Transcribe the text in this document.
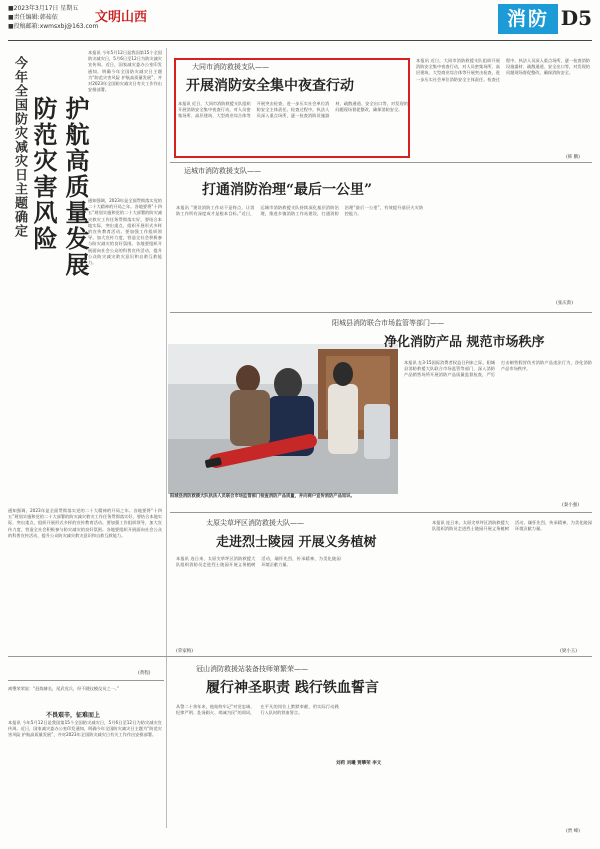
■2023年3月17日 星期五
■责任编辑:韩茹依
■投稿邮箱:xwmsxbj@163.com
文明山西	消防 D5
今年全国防灾减灾日主题确定 防范灾害风险 护航高质量发展
本报讯 今年5月12日是我国第15个全国防灾减灾日，5月6日至12日为防灾减灾宣传周。近日，国家减灾委办公室印发通知，明确今年全国防灾减灾日主题为“防范灾害风险 护航高质量发展”，并对2023年全国防灾减灾日有关工作作出安排部署。
通知强调，2023年是全面贯彻落实党的二十大精神的开局之年。各地要将“十四五”规划实施和党的二十大部署的防灾减灾救灾工作任务贯彻落实好，要结合本地实际，突出重点，组织开展形式多样的宣传教育活动。要加强工作组织领导，加大宣传力度，营造全社会积极参与防灾减灾的良好氛围。各地要组织开展面向社会公众的科普宣传活动，提升公众防灾减灾救灾意识和自救互救能力。
通知强调，2023年是全面贯彻落实党的二十大精神的开局之年。各地要将“十四五”规划实施和党的二十大部署的防灾减灾救灾工作任务贯彻落实好，要结合本地实际，突出重点，组织开展形式多样的宣传教育活动。要加强工作组织领导，加大宣传力度，营造全社会积极参与防灾减灾的良好氛围。各地要组织开展面向社会公众的科普宣传活动，提升公众防灾减灾救灾意识和自救互救能力。
(黄程)
离塑荣荣说：“赶练赫长，尾武党兵，经不随仪模仪员之一。”
不畏艰辛，征难而上
本报讯 今年5月12日是我国第15个全国防灾减灾日，5月6日至12日为防灾减灾宣传周。近日，国家减灾委办公室印发通知，明确今年全国防灾减灾日主题为“防范灾害风险 护航高质量发展”，并对2023年全国防灾减灾日有关工作作出安排部署。
大同市消防救援支队——
开展消防安全集中夜查行动
本报讯 近日，大同市消防救援支队组织开展消防安全集中夜查行动，对人员密集场所、高层建筑、大型商业综合体等开展突击检查，进一步压实社会单位消防安全主体责任。检查过程中，执法人员深入重点场所，逐一检查消防设施器材、疏散通道、安全出口等，对发现的问题现场督促整改，确保消防安全。
本报讯 近日，大同市消防救援支队组织开展消防安全集中夜查行动，对人员密集场所、高层建筑、大型商业综合体等开展突击检查，进一步压实社会单位消防安全主体责任。检查过程中，执法人员深入重点场所，逐一检查消防设施器材、疏散通道、安全出口等，对发现的问题现场督促整改，确保消防安全。
(韩 鹏)
运城市消防救援支队——
打通消防治理“最后一公里”
本报讯 “建设消防工作站不是终点，让消防工作所有深度成才是根本目标。”近日，运城市消防救援支队持续深化基层消防治理，推进乡镇消防工作站建设，打通消防治理“最后一公里”，有效提升基层火灾防控能力。
(张庆新)
阳城县消防救援大队执法人员联合市场监管部门检查消防产品质量，并向商户宣传消防产品知识。
阳城县消防联合市场监管等部门——
净化消防产品 规范市场秩序
本报讯 在3·15国际消费者权益日到来之际，阳城县消防救援大队联合市场监管等部门，深入消防产品销售场所开展消防产品质量监督检查，严厉打击制售假冒伪劣消防产品违法行为，净化消防产品市场秩序。
(秦小强)
太原尖草坪区消防救援大队——
走进烈士陵园 开展义务植树
本报讯 连日来，太原尖草坪区消防救援大队组织消防员走进烈士陵园开展义务植树活动，缅怀先烈，传承精神，为美化陵园环境贡献力量。
本报讯 连日来，太原尖草坪区消防救援大队组织消防员走进烈士陵园开展义务植树活动，缅怀先烈，传承精神，为美化陵园环境贡献力量。
(梁小玉)
(荣家梅)
冠山消防救援站装备技师第繁荣——
履行神圣职责 践行铁血誓言
从警二十余年来，他始终牢记“对党忠诚、纪律严明、赴汤蹈火、竭诚为民”的训词，在平凡的岗位上默默奉献，用实际行动践行入队时的铁血誓言。
刘莉 刘曦 贾攀荣 李文
(贾 峰)
